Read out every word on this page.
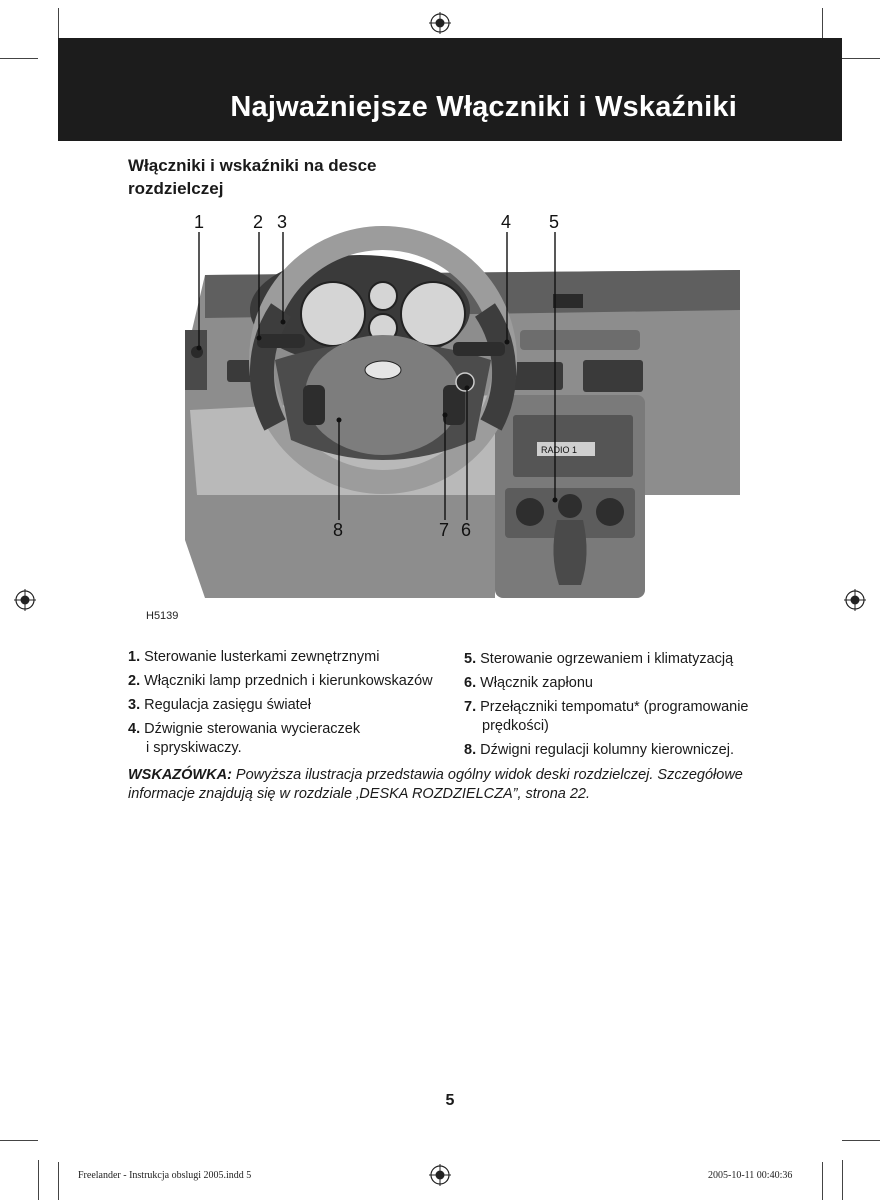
Najważniejsze Włączniki i Wskaźniki
Włączniki i wskaźniki na desce rozdzielczej
RADIO 1
1	2 3	4 5
8	7 6
H5139
1. Sterowanie lusterkami zewnętrznymi
2. Włączniki lamp przednich i kierunkowskazów
3. Regulacja zasięgu świateł
4. Dźwignie sterowania wycieraczek
i spryskiwaczy.
5. Sterowanie ogrzewaniem i klimatyzacją
6. Włącznik zapłonu
7. Przełączniki tempomatu* (programowanie
prędkości)
8. Dźwigni regulacji kolumny kierowniczej.
WSKAZÓWKA: Powyższa ilustracja przedstawia ogólny widok deski rozdzielczej. Szczegółowe informacje znajdują się w rozdziale ‚DESKA ROZDZIELCZA”, strona 22.
5
Freelander - Instrukcja obslugi 2005.indd 5	2005-10-11 00:40:36
